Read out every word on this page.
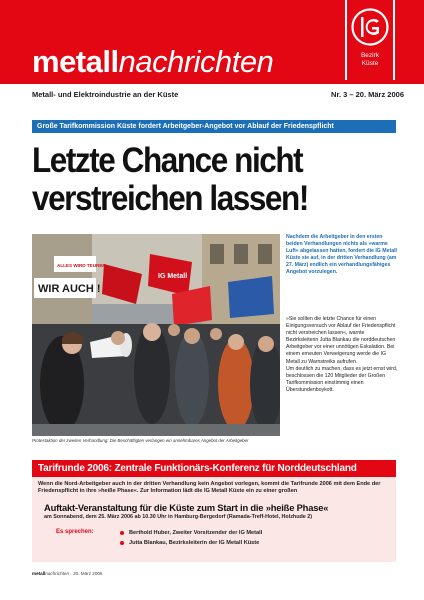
metallnachrichten	Bezirk
Küste
Metall- und Elektroindustrie an der Küste	Nr. 3 – 20. März 2006
Große Tarifkommission Küste fordert Arbeitgeber-Angebot vor Ablauf der Friedenspflicht
Letzte Chance nicht
verstreichen lassen!
IG Metall
ALLES WIRD TEURER
WIR AUCH !
Protestaktion der zweiten Verhandlung: Die Beschäftigten verlangen ein annehmbares Angebot der Arbeitgeber
Nachdem die Arbeitgeber in den ersten beiden Verhandlungen nichts als »warme Luft« abgelassen hatten, fordert die IG Metall Küste sie auf, in der dritten Verhandlung (am 27. März) endlich ein verhandlungsfähiges Angebot vorzulegen.

»Sie sollten die letzte Chance für einen Einigungsversuch vor Ablauf der Friedenspflicht nicht verstreichen lassen«, warnte Bezirksleiterin Jutta Blankau die norddeutschen Arbeitgeber vor einer unnötigen Eskalation. Bei einem erneuten Verweigerung werde die IG Metall zu Warnstreiks aufrufen.

Um deutlich zu machen, dass es jetzt ernst wird, beschlossen die 120 Mitglieder der Großen Tarifkommission einstimmig einen Überstundenboykott.

Tarifrunde 2006: Zentrale Funktionärs-Konferenz für Norddeutschland
Wenn die Nord-Arbeitgeber auch in der dritten Verhandlung kein Angebot vorlegen, kommt die Tarifrunde 2006 mit dem Ende der Friedenspflicht in ihre »heiße Phase«. Zur Information lädt die IG Metall Küste ein zu einer großen
Auftakt-Veranstaltung für die Küste zum Start in die »heiße Phase«
am Sonnabend, dem 25. März 2006 ab 10.30 Uhr in Hamburg-Bergedorf (Ramada-Treff-Hotel, Holzhude 2)
Es sprechen:	Berthold Huber, Zweiter Vorsitzender der IG Metall
Jutta Blankau, Bezirksleiterin der IG Metall Küste
metallnachrichten · 20. März 2006
